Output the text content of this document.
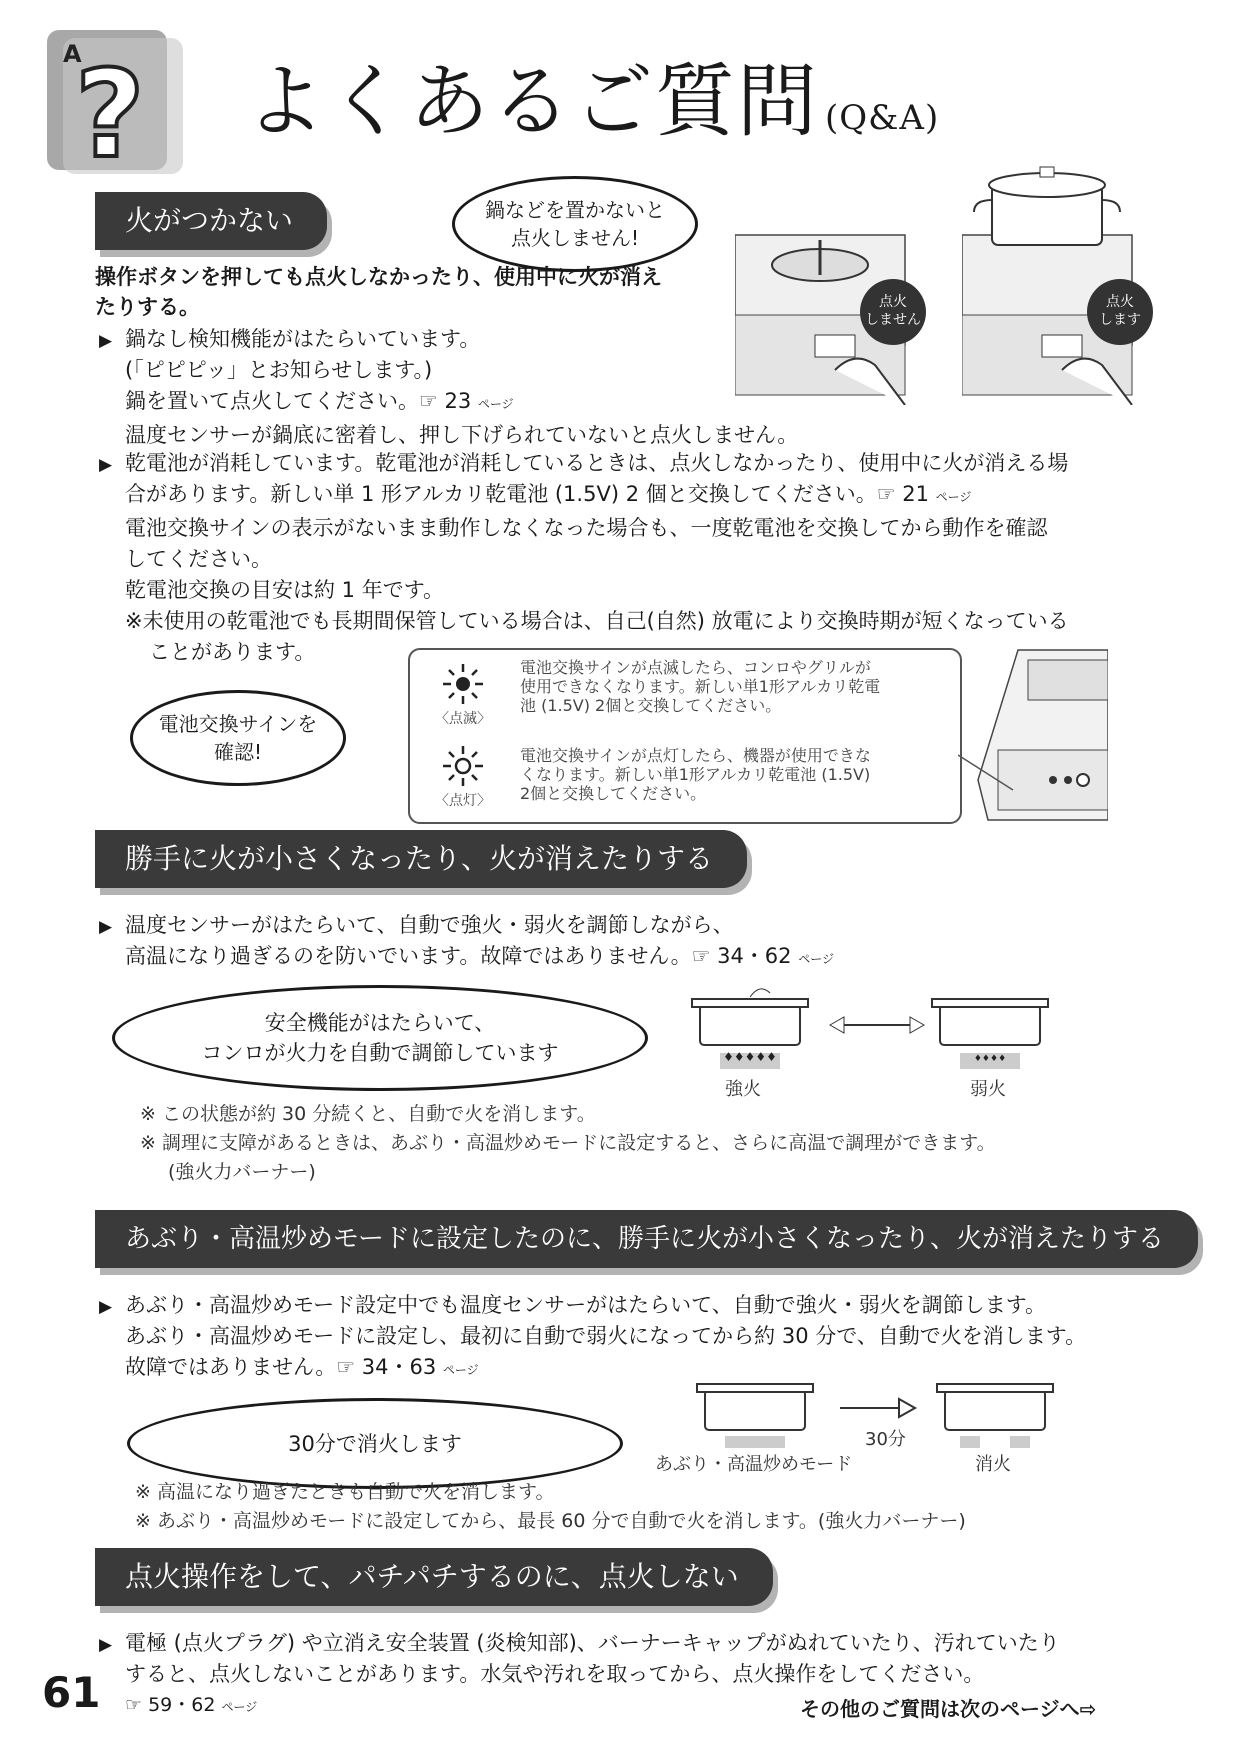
A
? よくあるご質問 (Q&A)
火がつかない	鍋などを置かないと
点火しません!
点火
しません
点火
します
操作ボタンを押しても点火しなかったり、使用中に火が消え
たりする。
▶ 鍋なし検知機能がはたらいています。
(「ピピピッ」とお知らせします。)
鍋を置いて点火してください。☞ 23 ページ
温度センサーが鍋底に密着し、押し下げられていないと点火しません。
▶ 乾電池が消耗しています。乾電池が消耗しているときは、点火しなかったり、使用中に火が消える場
合があります。新しい単 1 形アルカリ乾電池 (1.5V) 2 個と交換してください。☞ 21 ページ
電池交換サインの表示がないまま動作しなくなった場合も、一度乾電池を交換してから動作を確認
してください。
乾電池交換の目安は約 1 年です。
※未使用の乾電池でも長期間保管している場合は、自己(自然) 放電により交換時期が短くなっている
ことがあります。
電池交換サインを
確認!
〈点滅〉
電池交換サインが点滅したら、コンロやグリルが
使用できなくなります。新しい単1形アルカリ乾電
池 (1.5V) 2個と交換してください。
〈点灯〉
電池交換サインが点灯したら、機器が使用できな
くなります。新しい単1形アルカリ乾電池 (1.5V)
2個と交換してください。
勝手に火が小さくなったり、火が消えたりする
▶ 温度センサーがはたらいて、自動で強火・弱火を調節しながら、
高温になり過ぎるのを防いでいます。故障ではありません。☞ 34・62 ページ
安全機能がはたらいて、
コンロが火力を自動で調節しています	♦♦♦♦♦	♦♦♦♦
強火	弱火
※ この状態が約 30 分続くと、自動で火を消します。
※ 調理に支障があるときは、あぶり・高温炒めモードに設定すると、さらに高温で調理ができます。
(強火力バーナー)
あぶり・高温炒めモードに設定したのに、勝手に火が小さくなったり、火が消えたりする
▶ あぶり・高温炒めモード設定中でも温度センサーがはたらいて、自動で強火・弱火を調節します。
あぶり・高温炒めモードに設定し、最初に自動で弱火になってから約 30 分で、自動で火を消します。
故障ではありません。☞ 34・63 ページ
30分で消火します	30分
あぶり・高温炒めモード	消火
※ 高温になり過ぎたときも自動で火を消します。
※ あぶり・高温炒めモードに設定してから、最長 60 分で自動で火を消します。(強火力バーナー)
点火操作をして、パチパチするのに、点火しない
▶ 電極 (点火プラグ) や立消え安全装置 (炎検知部)、バーナーキャップがぬれていたり、汚れていたり
すると、点火しないことがあります。水気や汚れを取ってから、点火操作をしてください。
☞ 59・62 ページ
61	その他のご質問は次のページへ⇨
